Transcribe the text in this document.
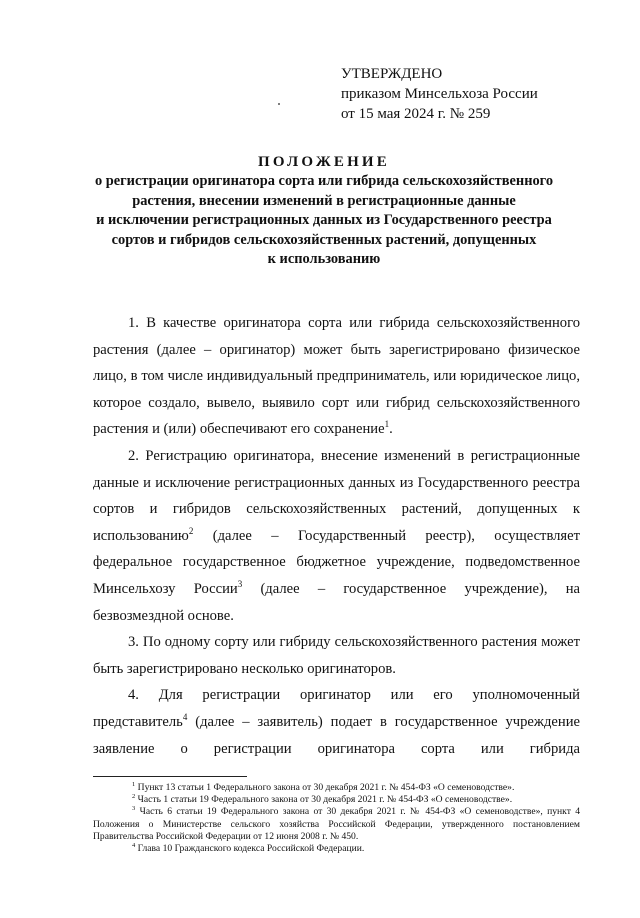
УТВЕРЖДЕНО
приказом Минсельхоза России
от 15 мая 2024 г. № 259
ПОЛОЖЕНИЕ
о регистрации оригинатора сорта или гибрида сельскохозяйственного
растения, внесении изменений в регистрационные данные
и исключении регистрационных данных из Государственного реестра
сортов и гибридов сельскохозяйственных растений, допущенных
к использованию

1. В качестве оригинатора сорта или гибрида сельскохозяйственного растения (далее – оригинатор) может быть зарегистрировано физическое лицо, в том числе индивидуальный предприниматель, или юридическое лицо, которое создало, вывело, выявило сорт или гибрид сельскохозяйственного растения и (или) обеспечивают его сохранение$^1$.

2. Регистрацию оригинатора, внесение изменений в регистрационные данные и исключение регистрационных данных из Государственного реестра сортов и гибридов сельскохозяйственных растений, допущенных к использованию$^2$ (далее – Государственный реестр), осуществляет федеральное государственное бюджетное учреждение, подведомственное Минсельхозу России$^3$ (далее – государственное учреждение), на безвозмездной основе.

3. По одному сорту или гибриду сельскохозяйственного растения может быть зарегистрировано несколько оригинаторов.

4. Для регистрации оригинатор или его уполномоченный представитель$^4$ (далее – заявитель) подает в государственное учреждение заявление о регистрации оригинатора сорта или гибрида

$^1$ Пункт 13 статьи 1 Федерального закона от 30 декабря 2021 г. № 454-ФЗ «О семеноводстве».

$^2$ Часть 1 статьи 19 Федерального закона от 30 декабря 2021 г. № 454-ФЗ «О семеноводстве».

$^3$ Часть 6 статьи 19 Федерального закона от 30 декабря 2021 г. № 454-ФЗ «О семеноводстве», пункт 4 Положения о Министерстве сельского хозяйства Российской Федерации, утвержденного постановлением Правительства Российской Федерации от 12 июня 2008 г. № 450.

$^4$ Глава 10 Гражданского кодекса Российской Федерации.
